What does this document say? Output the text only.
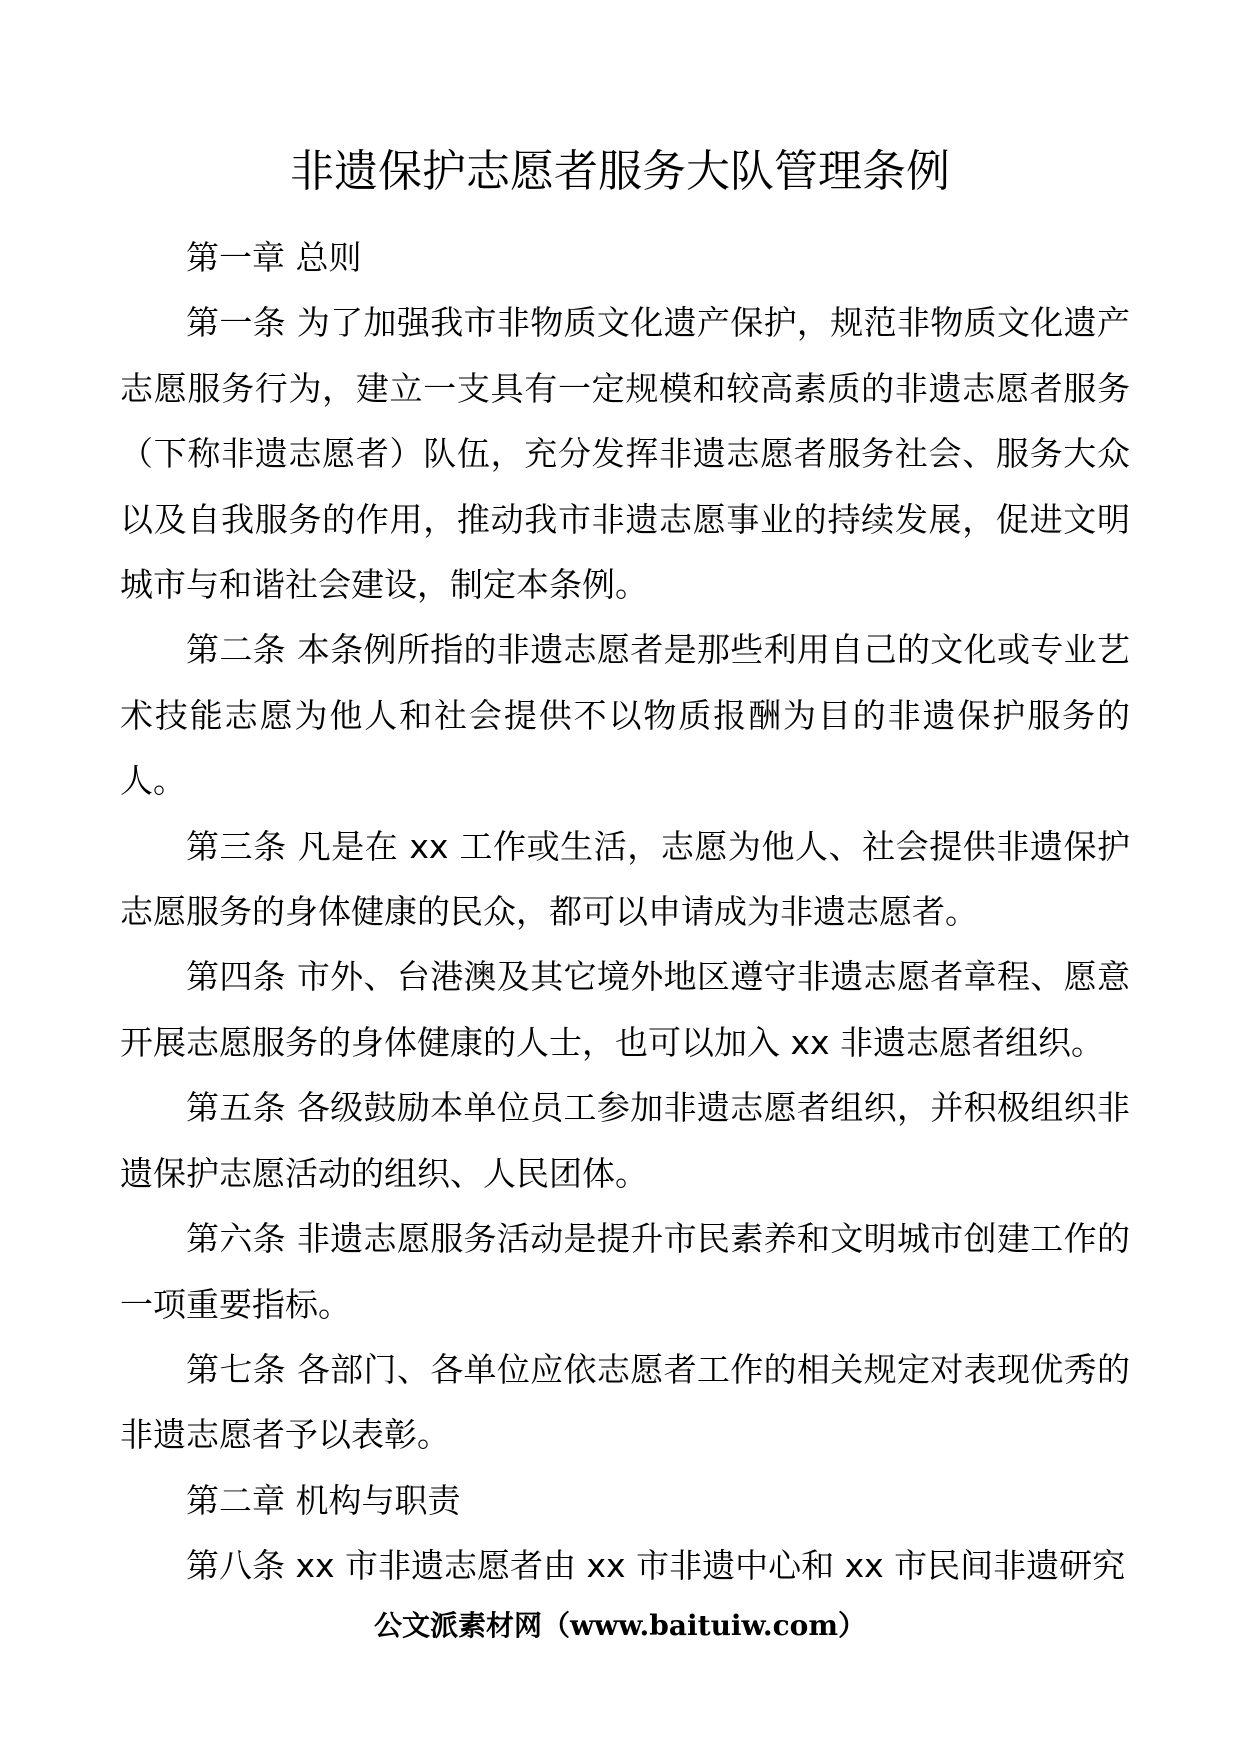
非遗保护志愿者服务大队管理条例

第一章 总则

第一条 为了加强我市非物质文化遗产保护，规范非物质文化遗产志愿服务行为，建立一支具有一定规模和较高素质的非遗志愿者服务（下称非遗志愿者）队伍，充分发挥非遗志愿者服务社会、服务大众以及自我服务的作用，推动我市非遗志愿事业的持续发展，促进文明城市与和谐社会建设，制定本条例。

第二条 本条例所指的非遗志愿者是那些利用自己的文化或专业艺术技能志愿为他人和社会提供不以物质报酬为目的非遗保护服务的人。

第三条 凡是在 xx 工作或生活，志愿为他人、社会提供非遗保护志愿服务的身体健康的民众，都可以申请成为非遗志愿者。

第四条 市外、台港澳及其它境外地区遵守非遗志愿者章程、愿意开展志愿服务的身体健康的人士，也可以加入 xx 非遗志愿者组织。

第五条 各级鼓励本单位员工参加非遗志愿者组织，并积极组织非遗保护志愿活动的组织、人民团体。

第六条 非遗志愿服务活动是提升市民素养和文明城市创建工作的一项重要指标。

第七条 各部门、各单位应依志愿者工作的相关规定对表现优秀的非遗志愿者予以表彰。

第二章 机构与职责

第八条 xx 市非遗志愿者由 xx 市非遗中心和 xx 市民间非遗研究

公文派素材网（www.baituiw.com）
